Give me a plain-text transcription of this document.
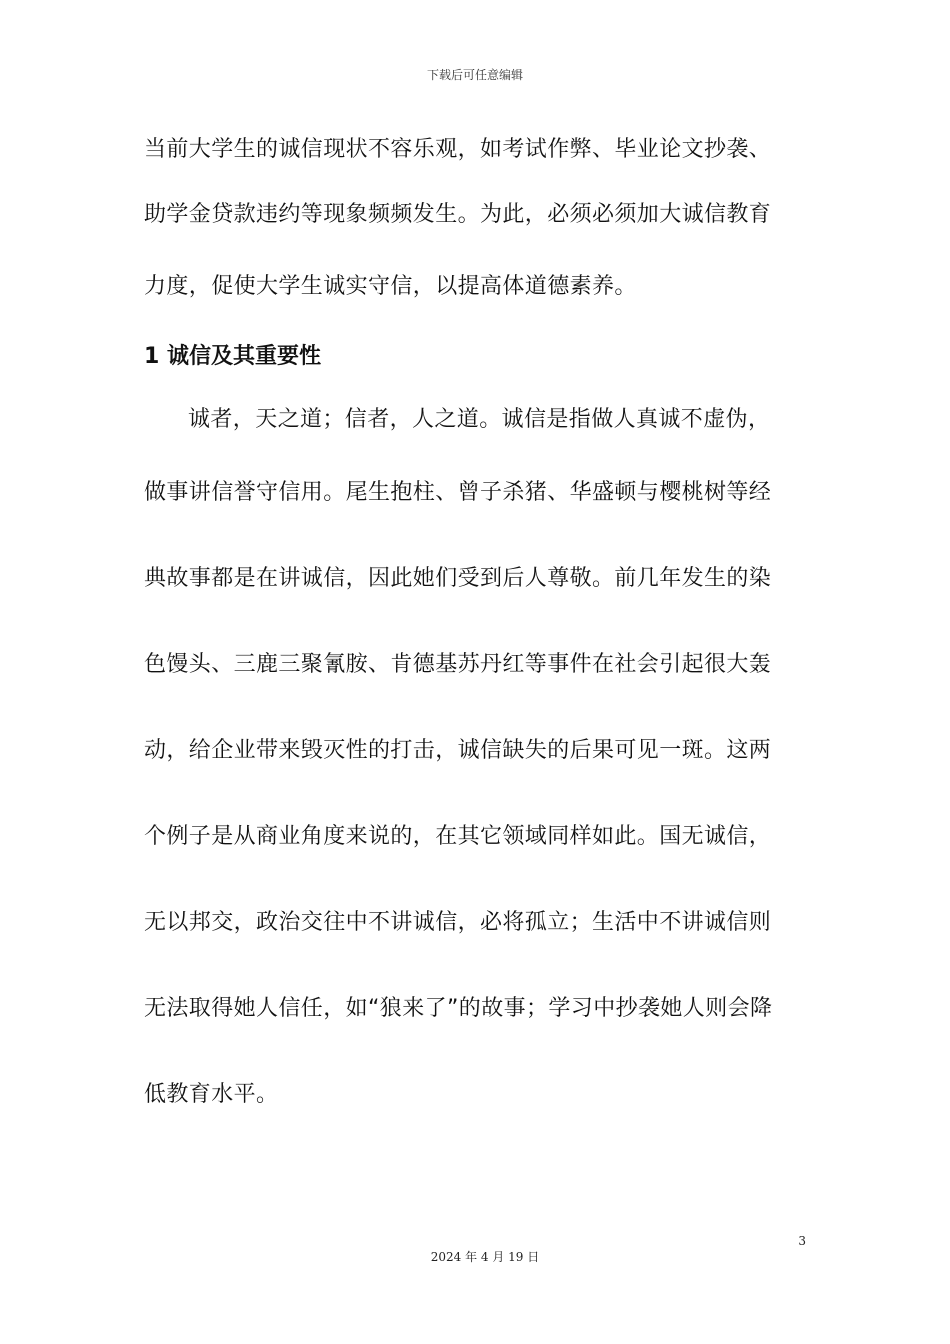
下载后可任意编辑
当前大学生的诚信现状不容乐观，如考试作弊、毕业论文抄袭、
助学金贷款违约等现象频频发生。为此，必须必须加大诚信教育
力度，促使大学生诚实守信，以提高体道德素养。
1 诚信及其重要性
诚者，天之道；信者，人之道。诚信是指做人真诚不虚伪，
做事讲信誉守信用。尾生抱柱、曾子杀猪、华盛顿与樱桃树等经
典故事都是在讲诚信，因此她们受到后人尊敬。前几年发生的染
色馒头、三鹿三聚氰胺、肯德基苏丹红等事件在社会引起很大轰
动，给企业带来毁灭性的打击，诚信缺失的后果可见一斑。这两
个例子是从商业角度来说的，在其它领域同样如此。国无诚信，
无以邦交，政治交往中不讲诚信，必将孤立；生活中不讲诚信则
无法取得她人信任，如“狼来了”的故事；学习中抄袭她人则会降
低教育水平。
3
2024 年 4 月 19 日
